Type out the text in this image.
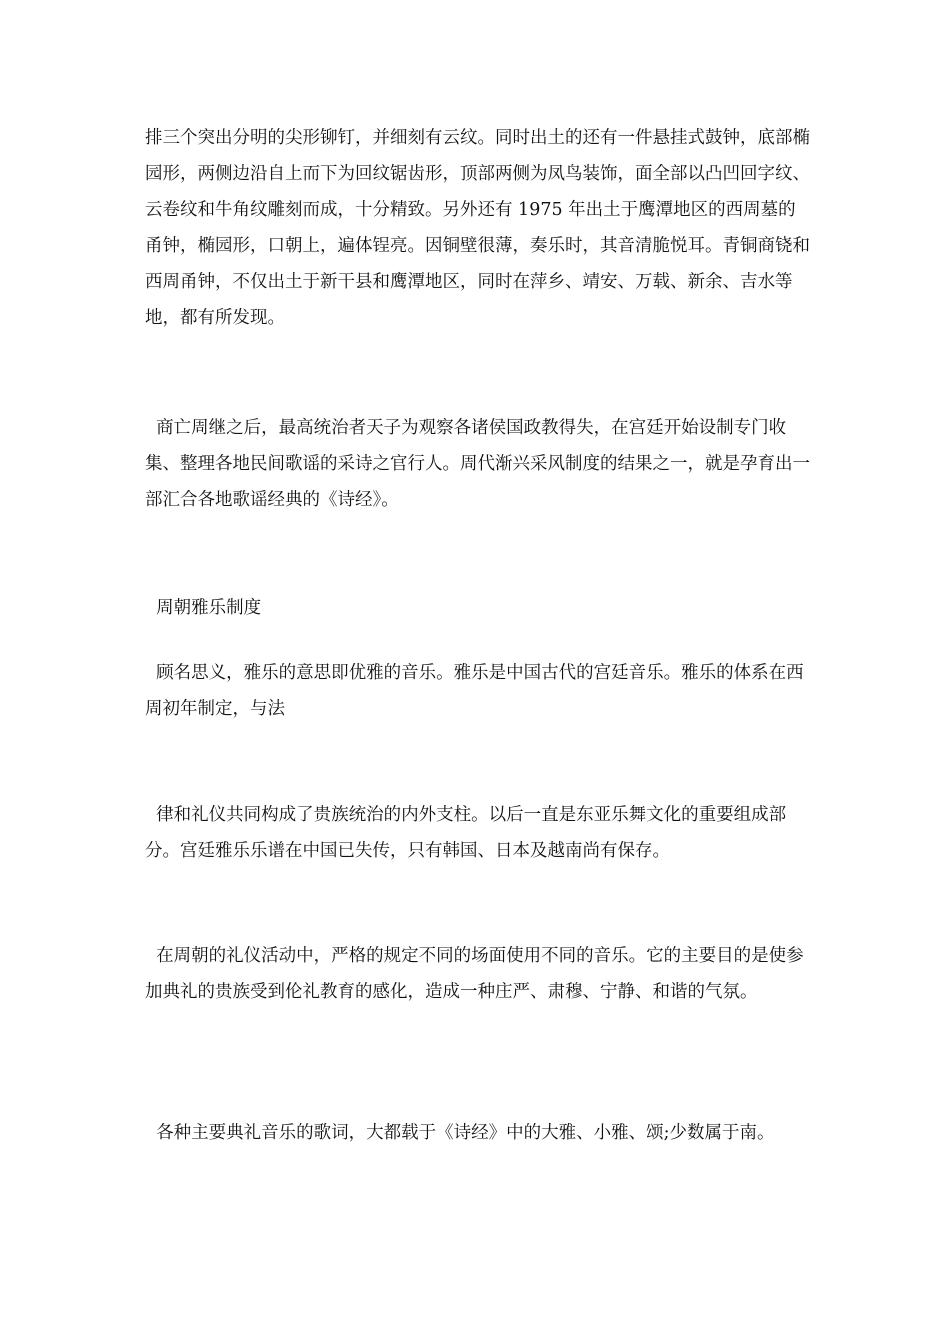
排三个突出分明的尖形铆钉，并细刻有云纹。同时出土的还有一件悬挂式鼓钟，底部椭园形，两侧边沿自上而下为回纹锯齿形，顶部两侧为凤鸟装饰，面全部以凸凹回字纹、云卷纹和牛角纹雕刻而成，十分精致。另外还有 1975 年出土于鹰潭地区的西周墓的甬钟，椭园形，口朝上，遍体锃亮。因铜壁很薄，奏乐时，其音清脆悦耳。青铜商铙和西周甬钟，不仅出土于新干县和鹰潭地区，同时在萍乡、靖安、万载、新余、吉水等地，都有所发现。

商亡周继之后，最高统治者天子为观察各诸侯国政教得失，在宫廷开始设制专门收集、整理各地民间歌谣的采诗之官行人。周代渐兴采风制度的结果之一，就是孕育出一部汇合各地歌谣经典的《诗经》。

周朝雅乐制度

顾名思义，雅乐的意思即优雅的音乐。雅乐是中国古代的宫廷音乐。雅乐的体系在西周初年制定，与法

律和礼仪共同构成了贵族统治的内外支柱。以后一直是东亚乐舞文化的重要组成部分。宫廷雅乐乐谱在中国已失传，只有韩国、日本及越南尚有保存。

在周朝的礼仪活动中，严格的规定不同的场面使用不同的音乐。它的主要目的是使参加典礼的贵族受到伦礼教育的感化，造成一种庄严、肃穆、宁静、和谐的气氛。

各种主要典礼音乐的歌词，大都载于《诗经》中的大雅、小雅、颂;少数属于南。
